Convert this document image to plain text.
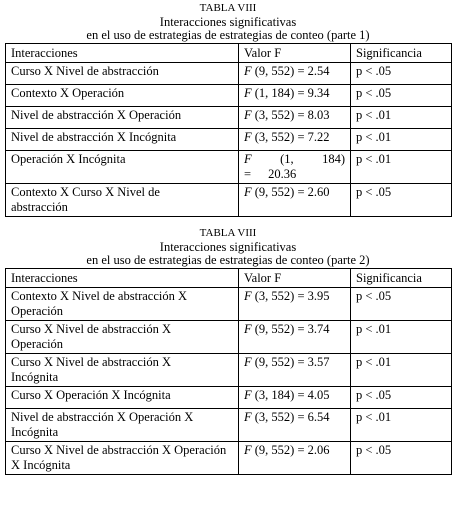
TABLA VIII
Interacciones significativas
en el uso de estrategias de estrategias de conteo (parte 1)
Interacciones	Valor F	Significancia
Curso X Nivel de abstracción	F (9, 552) = 2.54	p < .05
Contexto X Operación	F (1, 184) = 9.34	p < .05
Nivel de abstracción X Operación	F (3, 552) = 8.03	p < .01
Nivel de abstracción X Incógnita	F (3, 552) = 7.22	p < .01
Operación X Incógnita	F (1, 184) = 20.36	p < .01
Contexto X Curso X Nivel de abstracción	F (9, 552) = 2.60	p < .05
TABLA VIII
Interacciones significativas
en el uso de estrategias de estrategias de conteo (parte 2)
Interacciones	Valor F	Significancia
Contexto X Nivel de abstracción X Operación	F (3, 552) = 3.95	p < .05
Curso X Nivel de abstracción X Operación	F (9, 552) = 3.74	p < .01
Curso X Nivel de abstracción X Incógnita	F (9, 552) = 3.57	p < .01
Curso X Operación X Incógnita	F (3, 184) = 4.05	p < .05
Nivel de abstracción X Operación X Incógnita	F (3, 552) = 6.54	p < .01
Curso X Nivel de abstracción X Operación X Incógnita	F (9, 552) = 2.06	p < .05
